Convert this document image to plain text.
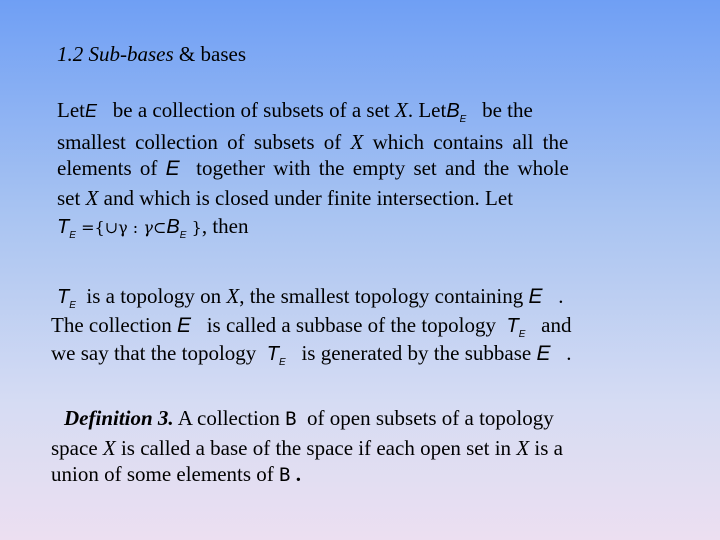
1.2 Sub-bases & bases
LetE be a collection of subsets of a set X. LetB$_E$ be the
smallest collection of subsets of X which contains all the
elements of E together with the empty set and the whole
set X and which is closed under finite intersection. Let
$T_E$ ={∪γ : $\gamma\subset B_E$ }, then
$T_E$ is a topology on X, the smallest topology containing E .
The collection E is called a subbase of the topology $T_E$ and
we say that the topology $T_E$ is generated by the subbase E .
Definition 3. A collection B of open subsets of a topology
space X is called a base of the space if each open set in X is a
union of some elements of B .
